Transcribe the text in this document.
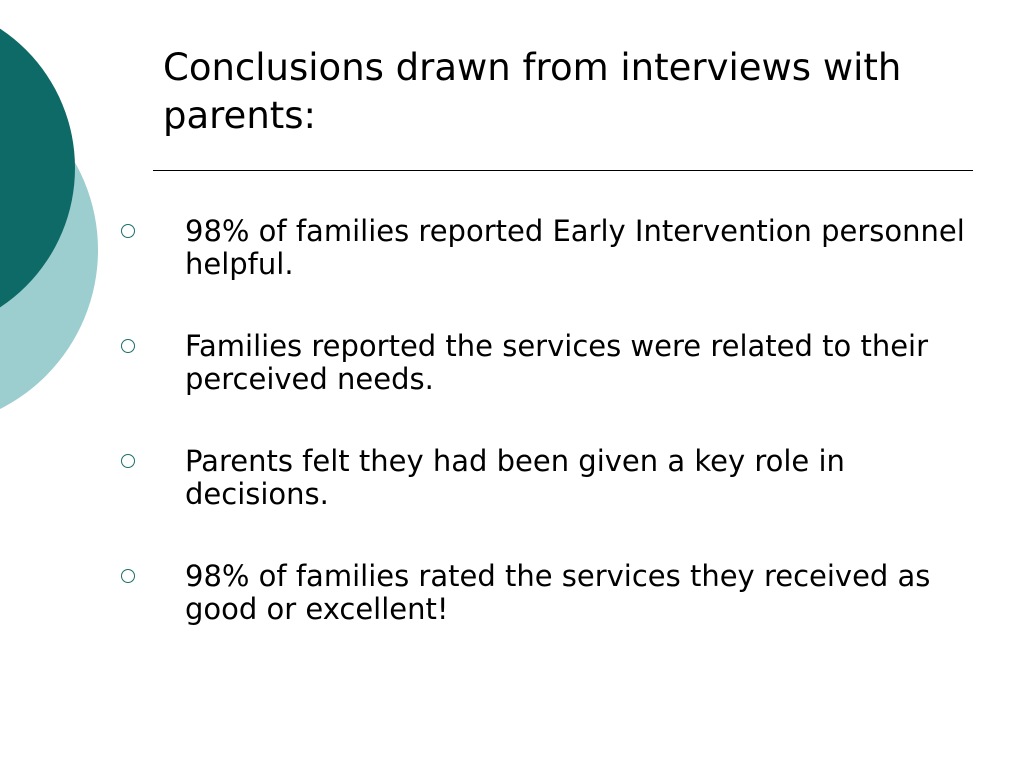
Conclusions drawn from interviews with parents:
98% of families reported Early Intervention personnel helpful.
Families reported the services were related to their perceived needs.
Parents felt they had been given a key role in decisions.
98% of families rated the services they received as good or excellent!
